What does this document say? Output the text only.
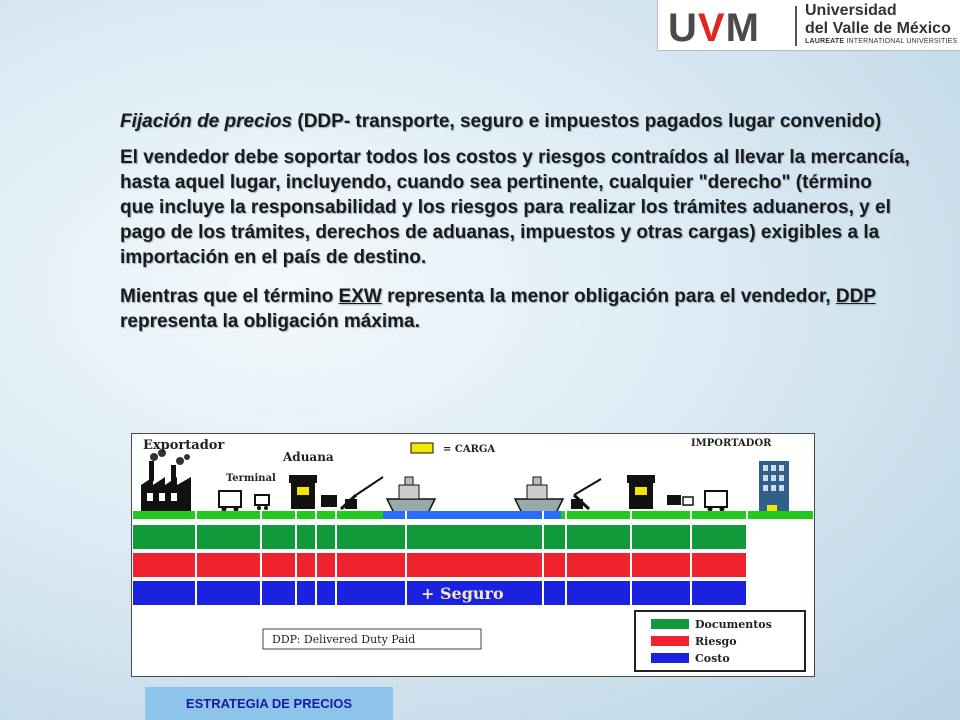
UVM	Universidad
del Valle de México
LAUREATE INTERNATIONAL UNIVERSITIES

Fijación de precios (DDP- transporte, seguro e impuestos pagados lugar convenido)

El vendedor debe soportar todos los costos y riesgos contraídos al llevar la mercancía, hasta aquel lugar, incluyendo, cuando sea pertinente, cualquier "derecho" (término que incluye la responsabilidad y los riesgos para realizar los trámites aduaneros, y el pago de los trámites, derechos de aduanas, impuestos y otras cargas) exigibles a la importación en el país de destino.

Mientras que el término EXW representa la menor obligación para el vendedor, DDP representa la obligación máxima.

Exportador
Terminal
Aduana
= CARGA
IMPORTADOR
+ Seguro
DDP: Delivered Duty Paid
Documentos
Riesgo
Costo
ESTRATEGIA DE PRECIOS
